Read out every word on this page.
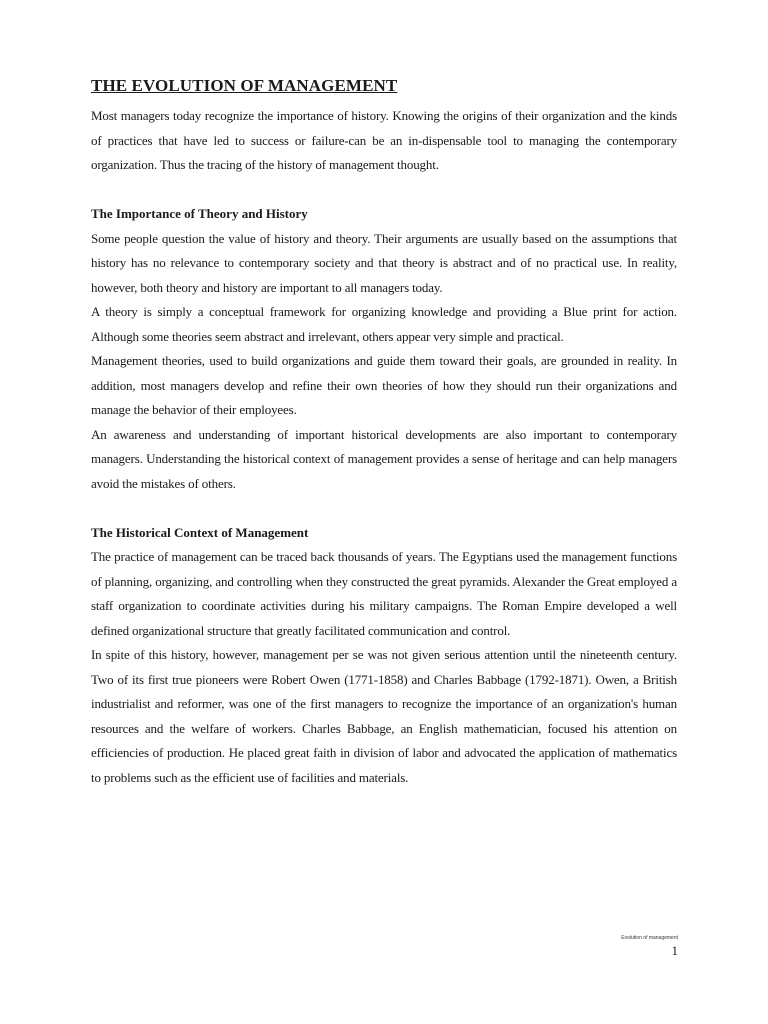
THE EVOLUTION OF MANAGEMENT

Most managers today recognize the importance of history. Knowing the origins of their organization and the kinds of practices that have led to success or failure-can be an in-dispensable tool to managing the contemporary organization. Thus the tracing of the history of management thought.

The Importance of Theory and History

Some people question the value of history and theory. Their arguments are usually based on the assumptions that history has no relevance to contemporary society and that theory is abstract and of no practical use. In reality, however, both theory and history are important to all managers today.

A theory is simply a conceptual framework for organizing knowledge and providing a Blue print for action. Although some theories seem abstract and irrelevant, others appear very simple and practical.

Management theories, used to build organizations and guide them toward their goals, are grounded in reality. In addition, most managers develop and refine their own theories of how they should run their organizations and manage the behavior of their employees.

An awareness and understanding of important historical developments are also important to contemporary managers. Understanding the historical context of management provides a sense of heritage and can help managers avoid the mistakes of others.

The Historical Context of Management

The practice of management can be traced back thousands of years. The Egyptians used the management functions of planning, organizing, and controlling when they constructed the great pyramids. Alexander the Great employed a staff organization to coordinate activities during his military campaigns. The Roman Empire developed a well defined organizational structure that greatly facilitated communication and control.

In spite of this history, however, management per se was not given serious attention until the nineteenth century. Two of its first true pioneers were Robert Owen (1771-1858) and Charles Babbage (1792-1871). Owen, a British industrialist and reformer, was one of the first managers to recognize the importance of an organization's human resources and the welfare of workers. Charles Babbage, an English mathematician, focused his attention on efficiencies of production. He placed great faith in division of labor and advocated the application of mathematics to problems such as the efficient use of facilities and materials.

Evolution of management
1
